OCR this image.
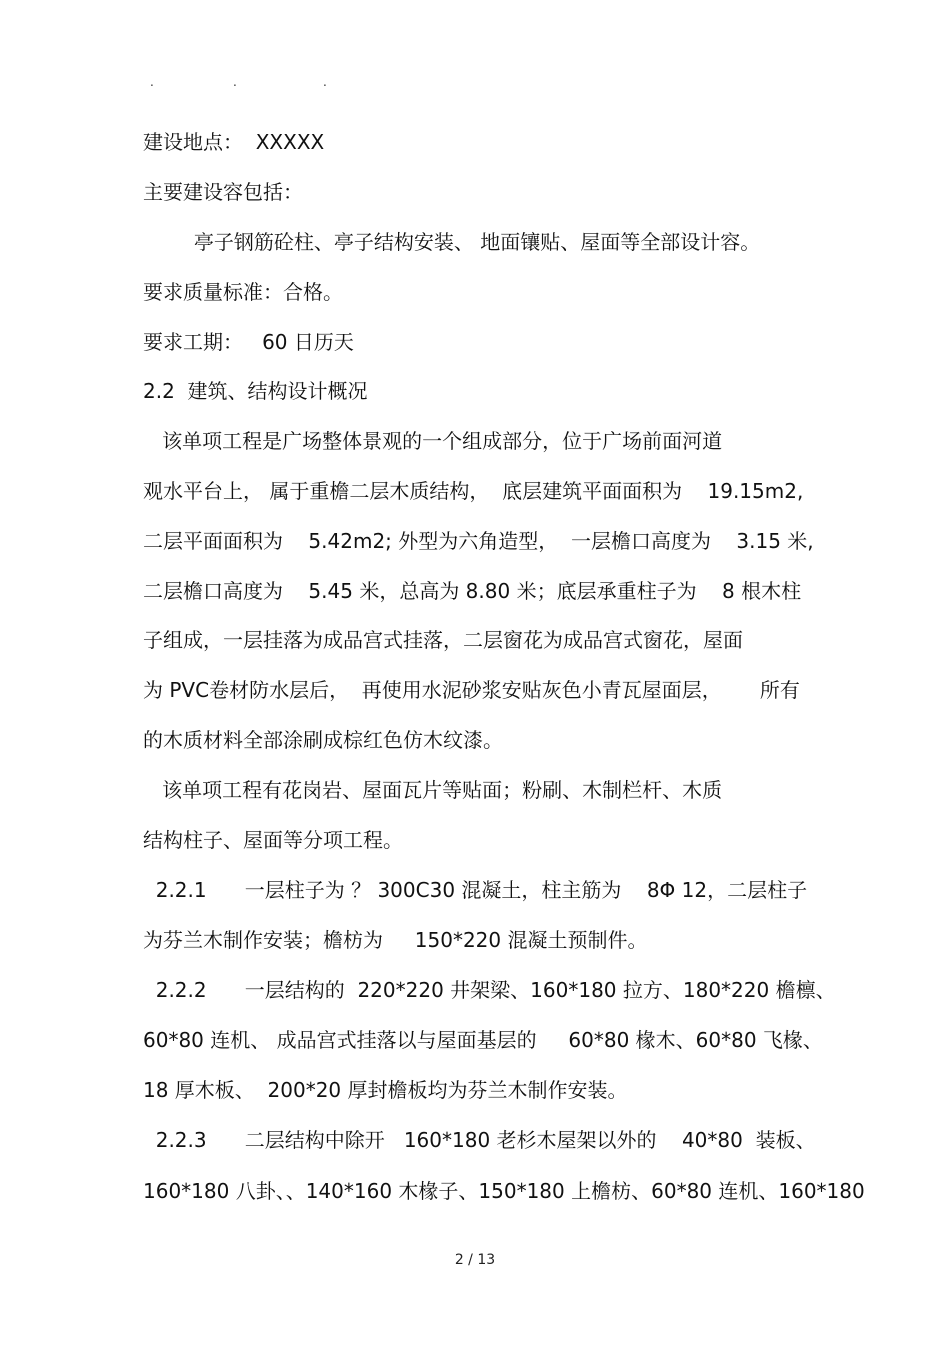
.	.	.

建设地点：  XXXXX

主要建设容包括：

亭子钢筋砼柱、亭子结构安装、 地面镶贴、屋面等全部设计容。

要求质量标准：合格。

要求工期：   60 日历天

2.2  建筑、结构设计概况

该单项工程是广场整体景观的一个组成部分，位于广场前面河道

观水平台上， 属于重檐二层木质结构，  底层建筑平面面积为    19.15m2,

二层平面面积为    5.42m2; 外型为六角造型，  一层檐口高度为    3.15 米,

二层檐口高度为    5.45 米，总高为 8.80 米；底层承重柱子为    8 根木柱

子组成，一层挂落为成品宫式挂落，二层窗花为成品宫式窗花，屋面

为 PVC卷材防水层后，  再使用水泥砂浆安贴灰色小青瓦屋面层，      所有

的木质材料全部涂刷成棕红色仿木纹漆。

该单项工程有花岗岩、屋面瓦片等贴面；粉刷、木制栏杆、木质

结构柱子、屋面等分项工程。

2.2.1      一层柱子为 ？ 300C30 混凝土，柱主筋为    8Φ 12，二层柱子

为芬兰木制作安装；檐枋为     150*220 混凝土预制件。

2.2.2      一层结构的  220*220 井架梁、160*180 拉方、180*220 檐檩、

60*80 连机、 成品宫式挂落以与屋面基层的     60*80 椽木、60*80 飞椽、

18 厚木板、  200*20 厚封檐板均为芬兰木制作安装。

2.2.3      二层结构中除开   160*180 老杉木屋架以外的    40*80  装板、

160*180 八卦、、140*160 木椽子、150*180 上檐枋、60*80 连机、160*180

2 / 13
